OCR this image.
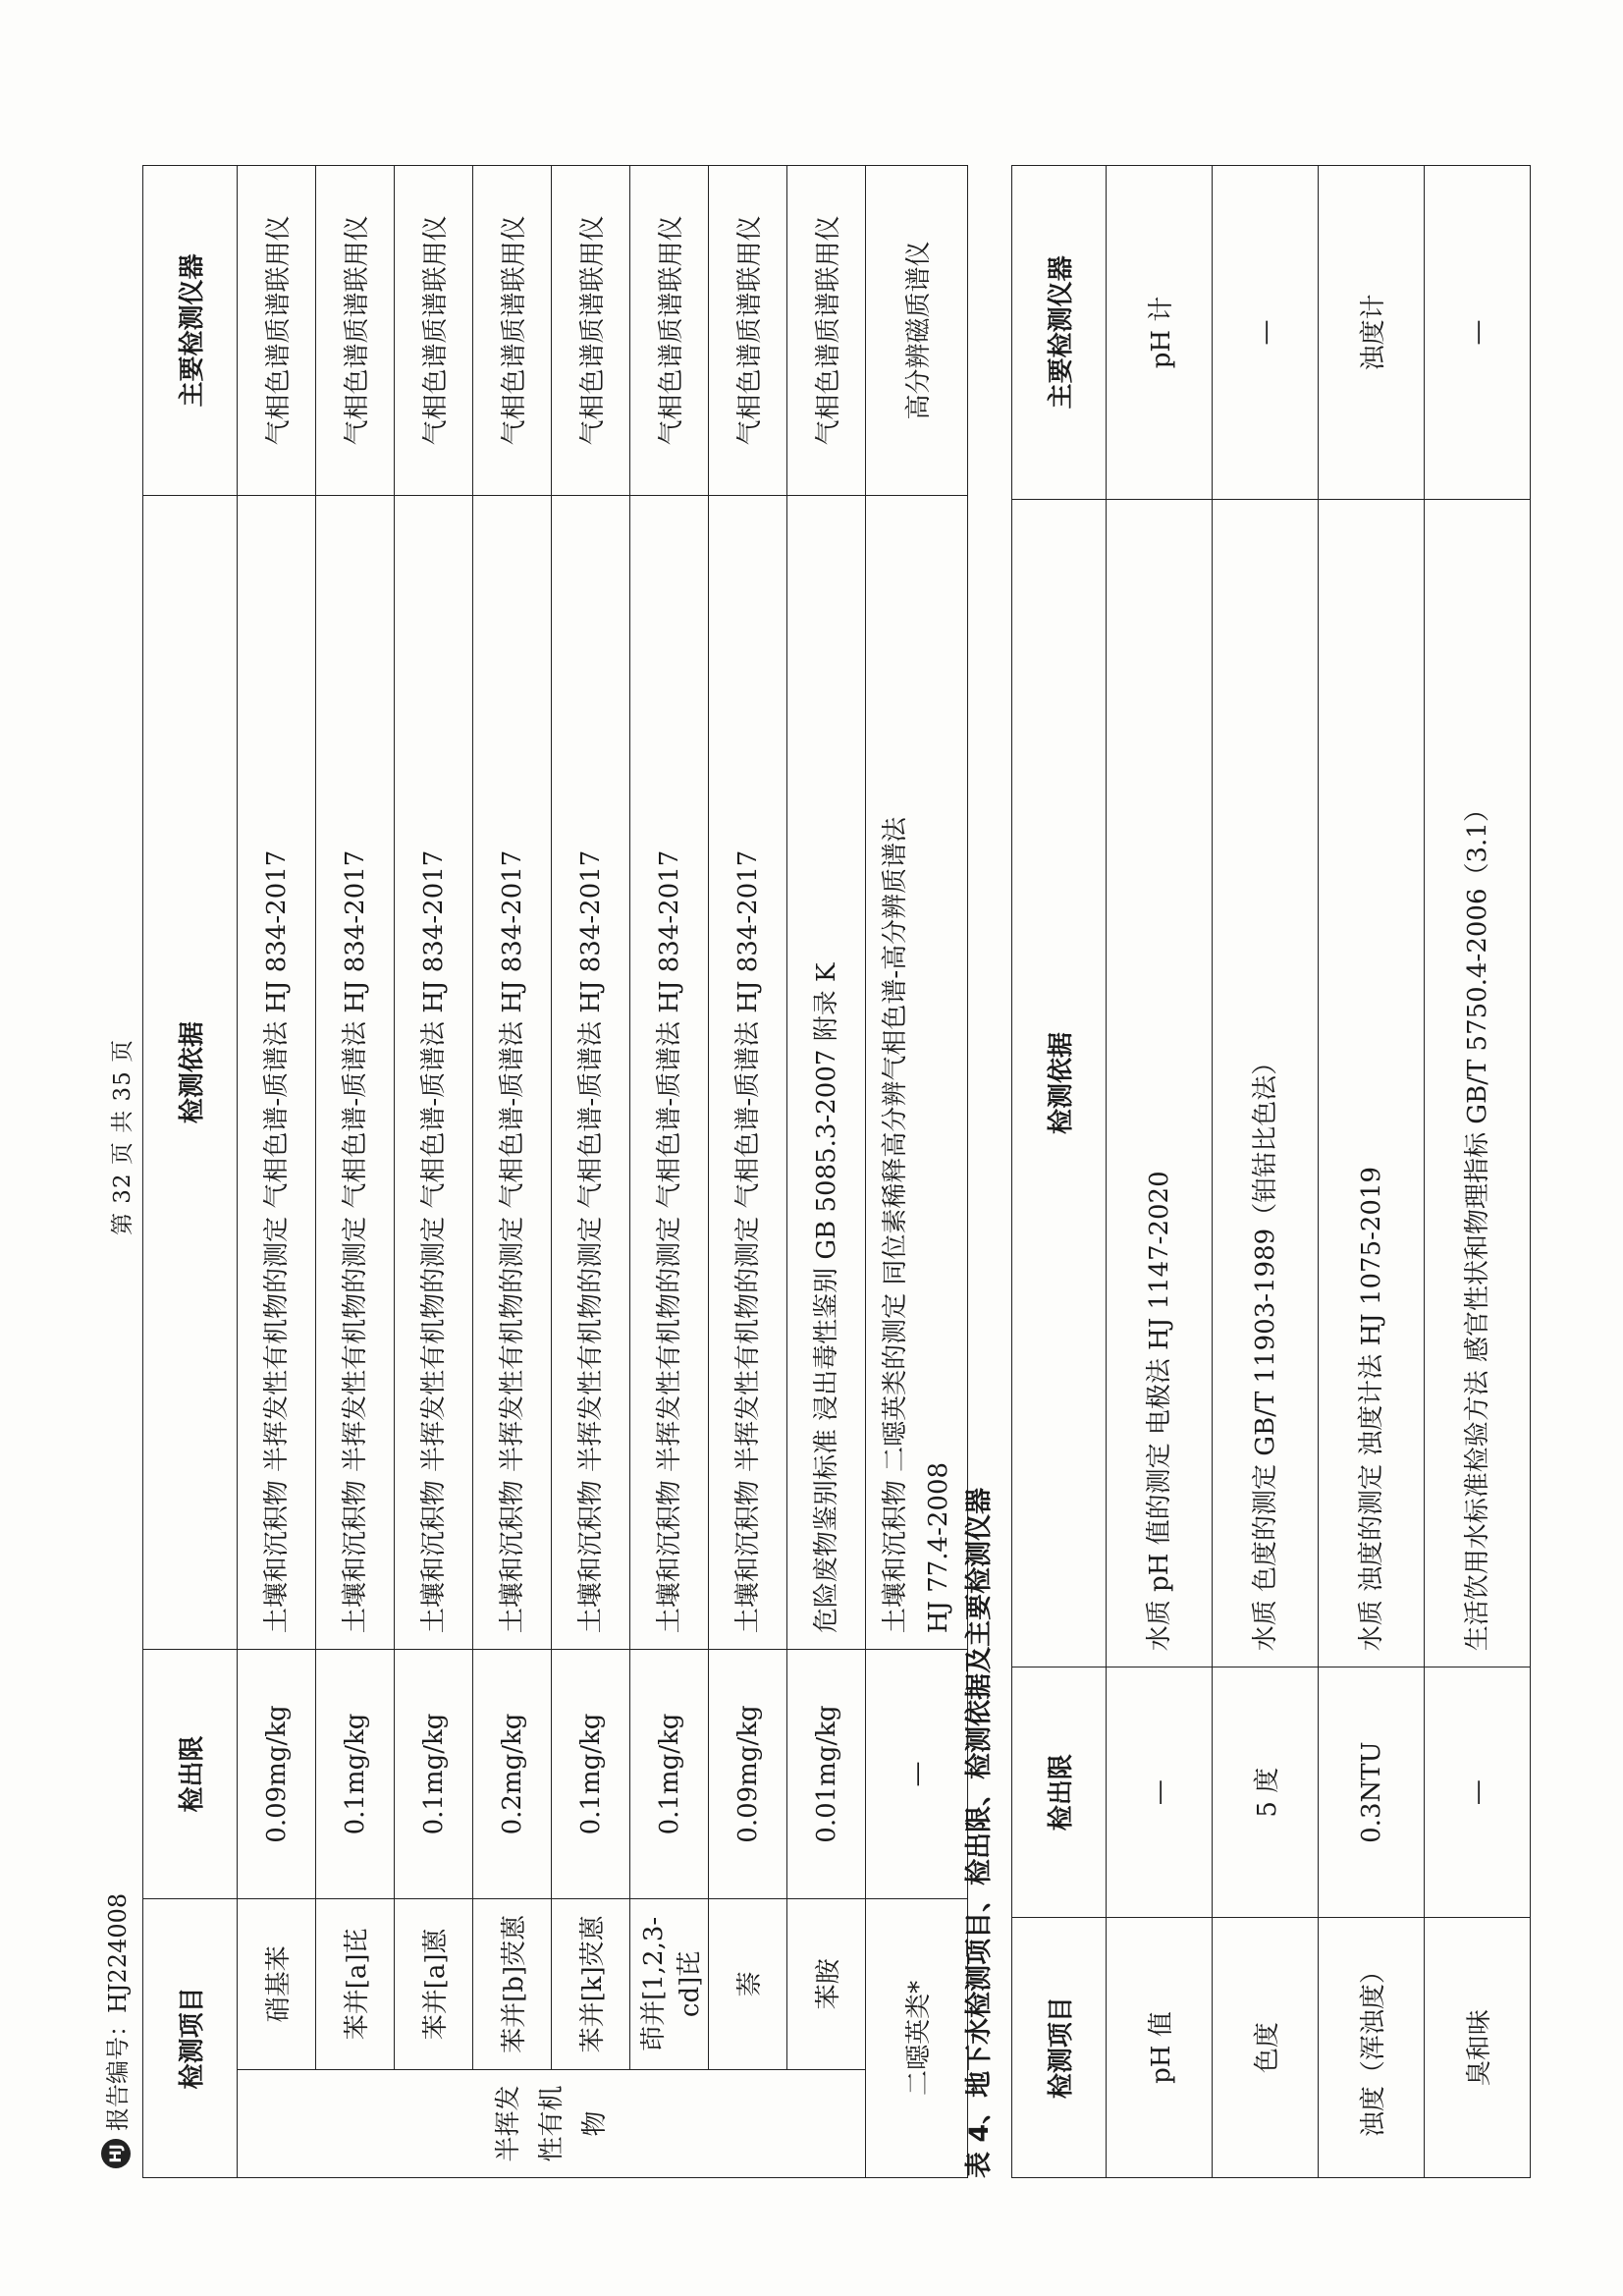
HJ
报告编号：HJ224008
第 32 页 共 35 页
检测项目		检出限	检测依据	主要检测仪器
半挥发性有机物	硝基苯	0.09mg/kg	土壤和沉积物 半挥发性有机物的测定 气相色谱-质谱法 HJ 834-2017	气相色谱质谱联用仪
	苯并[a]芘	0.1mg/kg	土壤和沉积物 半挥发性有机物的测定 气相色谱-质谱法 HJ 834-2017	气相色谱质谱联用仪
	苯并[a]蒽	0.1mg/kg	土壤和沉积物 半挥发性有机物的测定 气相色谱-质谱法 HJ 834-2017	气相色谱质谱联用仪
	苯并[b]荧蒽	0.2mg/kg	土壤和沉积物 半挥发性有机物的测定 气相色谱-质谱法 HJ 834-2017	气相色谱质谱联用仪
	苯并[k]荧蒽	0.1mg/kg	土壤和沉积物 半挥发性有机物的测定 气相色谱-质谱法 HJ 834-2017	气相色谱质谱联用仪
	茚并[1,2,3-cd]芘	0.1mg/kg	土壤和沉积物 半挥发性有机物的测定 气相色谱-质谱法 HJ 834-2017	气相色谱质谱联用仪
	萘	0.09mg/kg	土壤和沉积物 半挥发性有机物的测定 气相色谱-质谱法 HJ 834-2017	气相色谱质谱联用仪
	苯胺	0.01mg/kg	危险废物鉴别标准 浸出毒性鉴别 GB 5085.3-2007 附录 K	气相色谱质谱联用仪
二噁英类*		—	土壤和沉积物 二噁英类的测定 同位素稀释高分辨气相色谱-高分辨质谱法 HJ 77.4-2008	高分辨磁质谱仪
表 4、地下水检测项目、检出限、检测依据及主要检测仪器 检测项目	检出限	检测依据	主要检测仪器
pH 值	—	水质 pH 值的测定 电极法 HJ 1147-2020	pH 计
色度	5 度	水质 色度的测定 GB/T 11903-1989（铂钴比色法）	—
浊度（浑浊度）	0.3NTU	水质 浊度的测定 浊度计法 HJ 1075-2019	浊度计
臭和味	—	生活饮用水标准检验方法 感官性状和物理指标 GB/T 5750.4-2006（3.1）	—
